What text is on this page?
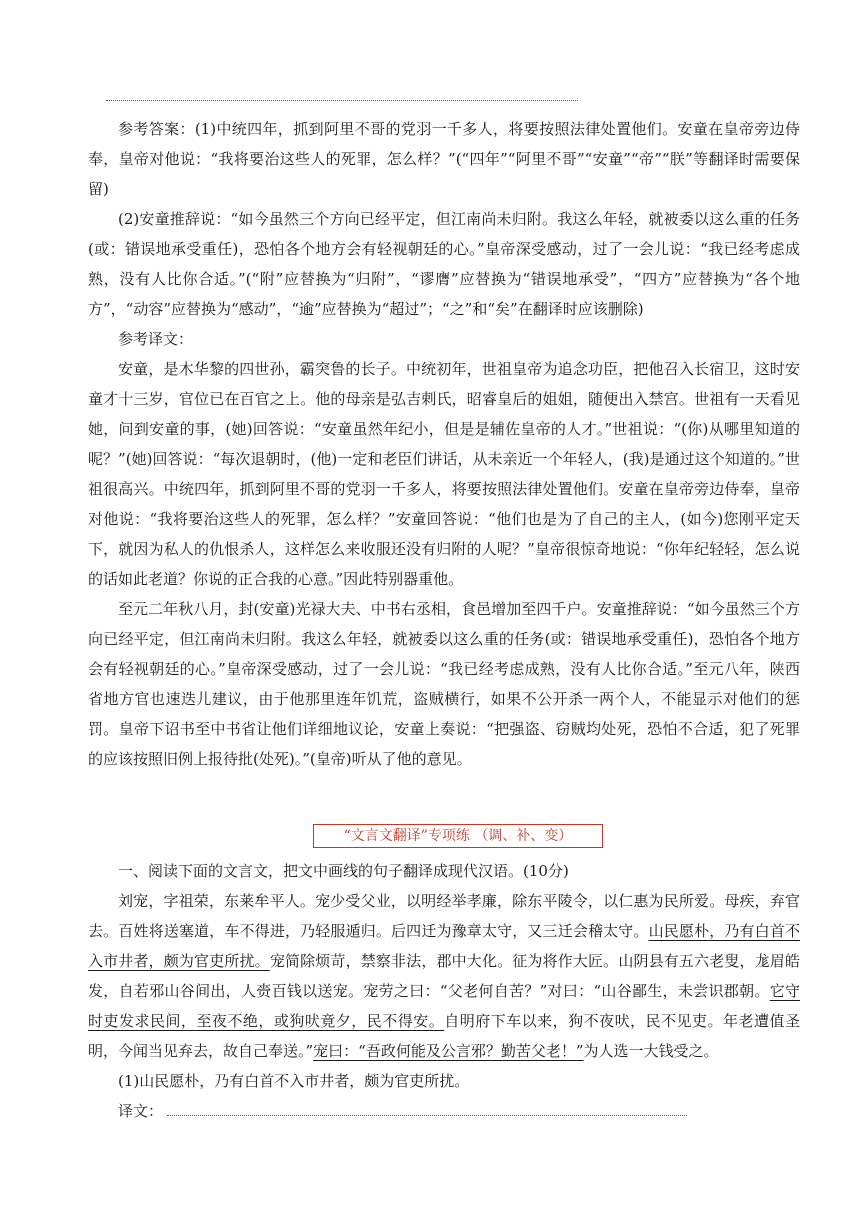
参考答案：(1)中统四年，抓到阿里不哥的党羽一千多人，将要按照法律处置他们。安童在皇帝旁边侍奉，皇帝对他说：“我将要治这些人的死罪，怎么样？”(“四年”“阿里不哥”“安童”“帝”“朕”等翻译时需要保留)

(2)安童推辞说：“如今虽然三个方向已经平定，但江南尚未归附。我这么年轻，就被委以这么重的任务(或：错误地承受重任)，恐怕各个地方会有轻视朝廷的心。”皇帝深受感动，过了一会儿说：“我已经考虑成熟，没有人比你合适。”(“附”应替换为“归附”，“谬膺”应替换为“错误地承受”，“四方”应替换为“各个地方”，“动容”应替换为“感动”，“逾”应替换为“超过”；“之”和“矣”在翻译时应该删除)

参考译文：

安童，是木华黎的四世孙，霸突鲁的长子。中统初年，世祖皇帝为追念功臣，把他召入长宿卫，这时安童才十三岁，官位已在百官之上。他的母亲是弘吉剌氏，昭睿皇后的姐姐，随便出入禁宫。世祖有一天看见她，问到安童的事，(她)回答说：“安童虽然年纪小，但是是辅佐皇帝的人才。”世祖说：“(你)从哪里知道的呢？”(她)回答说：“每次退朝时，(他)一定和老臣们讲话，从未亲近一个年轻人，(我)是通过这个知道的。”世祖很高兴。中统四年，抓到阿里不哥的党羽一千多人，将要按照法律处置他们。安童在皇帝旁边侍奉，皇帝对他说：“我将要治这些人的死罪，怎么样？”安童回答说：“他们也是为了自己的主人，(如今)您刚平定天下，就因为私人的仇恨杀人，这样怎么来收服还没有归附的人呢？”皇帝很惊奇地说：“你年纪轻轻，怎么说的话如此老道？你说的正合我的心意。”因此特别器重他。

至元二年秋八月，封(安童)光禄大夫、中书右丞相，食邑增加至四千户。安童推辞说：“如今虽然三个方向已经平定，但江南尚未归附。我这么年轻，就被委以这么重的任务(或：错误地承受重任)，恐怕各个地方会有轻视朝廷的心。”皇帝深受感动，过了一会儿说：“我已经考虑成熟，没有人比你合适。”至元八年，陕西省地方官也速迭儿建议，由于他那里连年饥荒，盗贼横行，如果不公开杀一两个人，不能显示对他们的惩罚。皇帝下诏书至中书省让他们详细地议论，安童上奏说：“把强盗、窃贼均处死，恐怕不合适，犯了死罪的应该按照旧例上报待批(处死)。”(皇帝)听从了他的意见。

“文言文翻译”专项练 （调、补、变）

一、阅读下面的文言文，把文中画线的句子翻译成现代汉语。(10分)

刘宠，字祖荣，东莱牟平人。宠少受父业，以明经举孝廉，除东平陵令，以仁惠为民所爱。母疾，弃官去。百姓将送塞道，车不得进，乃轻服遁归。后四迁为豫章太守，又三迁会稽太守。山民愿朴，乃有白首不入市井者，颇为官吏所扰。宠简除烦苛，禁察非法，郡中大化。征为将作大匠。山阴县有五六老叟，尨眉皓发，自若邪山谷间出，人赍百钱以送宠。宠劳之曰：“父老何自苦？”对曰：“山谷鄙生，未尝识郡朝。它守时吏发求民间，至夜不绝，或狗吠竟夕，民不得安。自明府下车以来，狗不夜吠，民不见吏。年老遭值圣明，今闻当见弃去，故自己奉送。”宠曰：“吾政何能及公言邪？勤苦父老！”为人选一大钱受之。

(1)山民愿朴，乃有白首不入市井者，颇为官吏所扰。

译文：
